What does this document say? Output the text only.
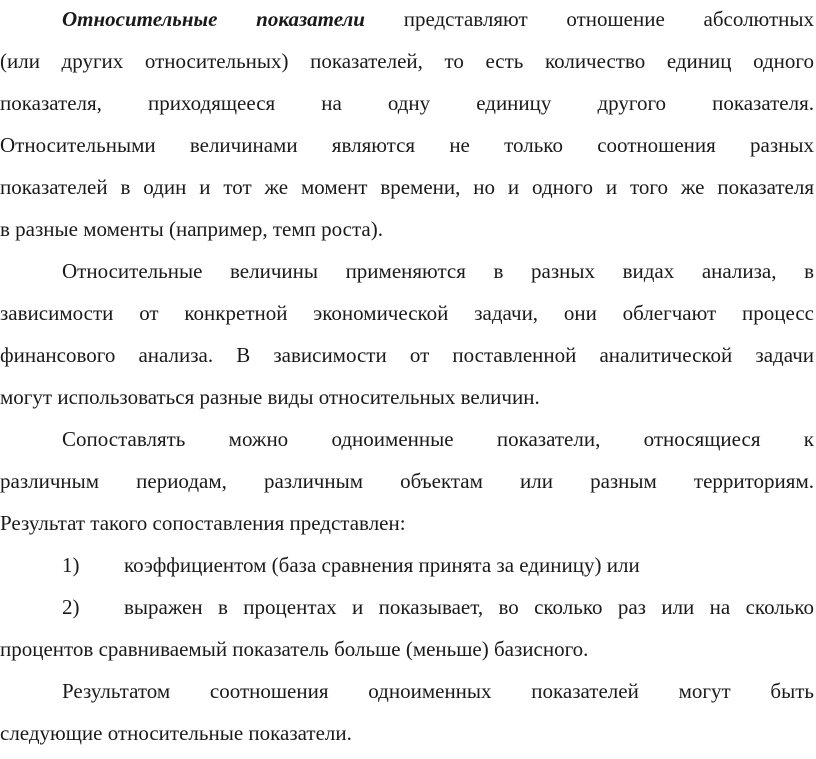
Относительные показатели представляют отношение абсолютных
(или других относительных) показателей, то есть количество единиц одного
показателя, приходящееся на одну единицу другого показателя.
Относительными величинами являются не только соотношения разных
показателей в один и тот же момент времени, но и одного и того же показателя
в разные моменты (например, темп роста).
Относительные величины применяются в разных видах анализа, в
зависимости от конкретной экономической задачи, они облегчают процесс
финансового анализа. В зависимости от поставленной аналитической задачи
могут использоваться разные виды относительных величин.
Сопоставлять можно одноименные показатели, относящиеся к
различным периодам, различным объектам или разным территориям.
Результат такого сопоставления представлен:
1) коэффициентом (база сравнения принята за единицу) или
2) выражен в процентах и показывает, во сколько раз или на сколько
процентов сравниваемый показатель больше (меньше) базисного.
Результатом соотношения одноименных показателей могут быть
следующие относительные показатели.
